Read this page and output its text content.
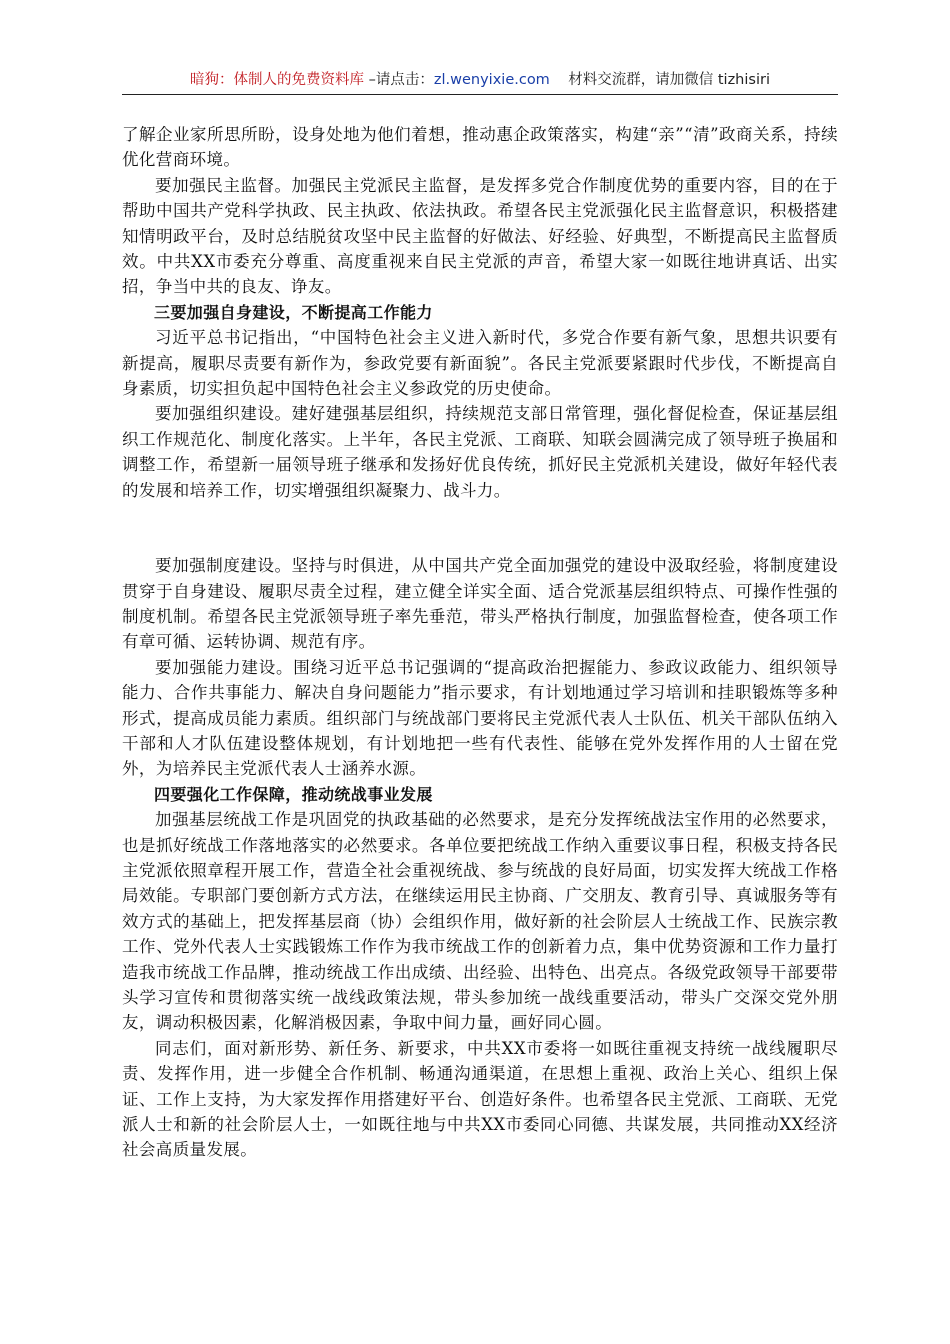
暗狗：体制人的免费资料库 –请点击：zl.wenyixie.com 材料交流群，请加微信 tizhisiri

了解企业家所思所盼，设身处地为他们着想，推动惠企政策落实，构建“亲”“清”政商关系，持续优化营商环境。

要加强民主监督。加强民主党派民主监督，是发挥多党合作制度优势的重要内容，目的在于帮助中国共产党科学执政、民主执政、依法执政。希望各民主党派强化民主监督意识，积极搭建知情明政平台，及时总结脱贫攻坚中民主监督的好做法、好经验、好典型，不断提高民主监督质效。中共XX市委充分尊重、高度重视来自民主党派的声音，希望大家一如既往地讲真话、出实招，争当中共的良友、诤友。

三要加强自身建设，不断提高工作能力

习近平总书记指出，“中国特色社会主义进入新时代，多党合作要有新气象，思想共识要有新提高，履职尽责要有新作为，参政党要有新面貌”。各民主党派要紧跟时代步伐，不断提高自身素质，切实担负起中国特色社会主义参政党的历史使命。

要加强组织建设。建好建强基层组织，持续规范支部日常管理，强化督促检查，保证基层组织工作规范化、制度化落实。上半年，各民主党派、工商联、知联会圆满完成了领导班子换届和调整工作，希望新一届领导班子继承和发扬好优良传统，抓好民主党派机关建设，做好年轻代表的发展和培养工作，切实增强组织凝聚力、战斗力。

要加强制度建设。坚持与时俱进，从中国共产党全面加强党的建设中汲取经验，将制度建设贯穿于自身建设、履职尽责全过程，建立健全详实全面、适合党派基层组织特点、可操作性强的制度机制。希望各民主党派领导班子率先垂范，带头严格执行制度，加强监督检查，使各项工作有章可循、运转协调、规范有序。

要加强能力建设。围绕习近平总书记强调的“提高政治把握能力、参政议政能力、组织领导能力、合作共事能力、解决自身问题能力”指示要求，有计划地通过学习培训和挂职锻炼等多种形式，提高成员能力素质。组织部门与统战部门要将民主党派代表人士队伍、机关干部队伍纳入干部和人才队伍建设整体规划，有计划地把一些有代表性、能够在党外发挥作用的人士留在党外，为培养民主党派代表人士涵养水源。

四要强化工作保障，推动统战事业发展

加强基层统战工作是巩固党的执政基础的必然要求，是充分发挥统战法宝作用的必然要求，也是抓好统战工作落地落实的必然要求。各单位要把统战工作纳入重要议事日程，积极支持各民主党派依照章程开展工作，营造全社会重视统战、参与统战的良好局面，切实发挥大统战工作格局效能。专职部门要创新方式方法，在继续运用民主协商、广交朋友、教育引导、真诚服务等有效方式的基础上，把发挥基层商（协）会组织作用，做好新的社会阶层人士统战工作、民族宗教工作、党外代表人士实践锻炼工作作为我市统战工作的创新着力点，集中优势资源和工作力量打造我市统战工作品牌，推动统战工作出成绩、出经验、出特色、出亮点。各级党政领导干部要带头学习宣传和贯彻落实统一战线政策法规，带头参加统一战线重要活动，带头广交深交党外朋友，调动积极因素，化解消极因素，争取中间力量，画好同心圆。

同志们，面对新形势、新任务、新要求，中共XX市委将一如既往重视支持统一战线履职尽责、发挥作用，进一步健全合作机制、畅通沟通渠道，在思想上重视、政治上关心、组织上保证、工作上支持，为大家发挥作用搭建好平台、创造好条件。也希望各民主党派、工商联、无党派人士和新的社会阶层人士，一如既往地与中共XX市委同心同德、共谋发展，共同推动XX经济社会高质量发展。
